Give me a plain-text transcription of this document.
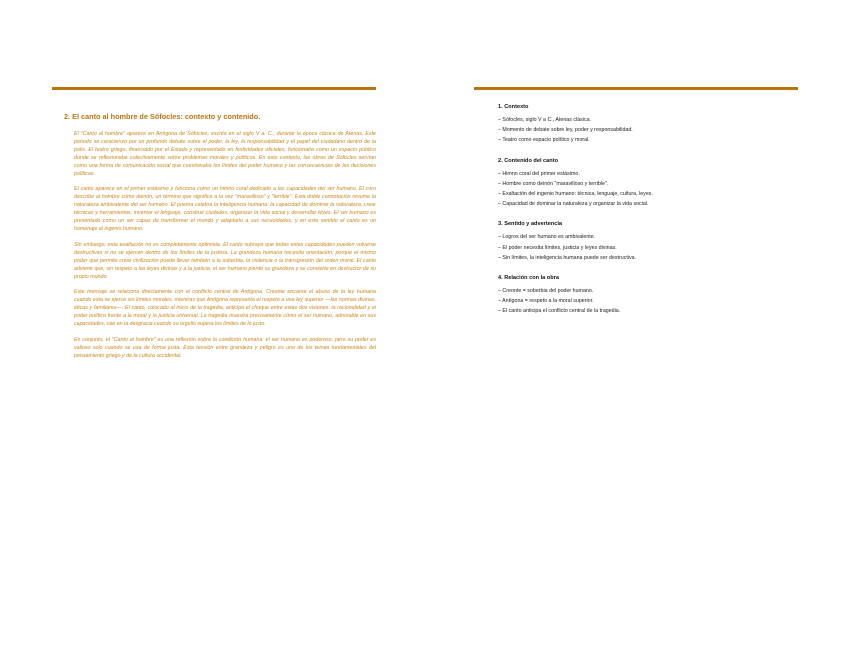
2. El canto al hombre de Sófocles: contexto y contenido.

El "Canto al hombre" aparece en Antígona de Sófocles, escrita en el siglo V a. C., durante la época clásica de Atenas. Este periodo se caracterizó por un profundo debate sobre el poder, la ley, la responsabilidad y el papel del ciudadano dentro de la polis. El teatro griego, financiado por el Estado y representado en festividades oficiales, funcionaba como un espacio público donde se reflexionaba colectivamente sobre problemas morales y políticos. En este contexto, las obras de Sófocles servían como una forma de comunicación social que cuestionaba los límites del poder humano y las consecuencias de las decisiones políticas.

El canto aparece en el primer estásimo y funciona como un himno coral dedicado a las capacidades del ser humano. El coro describe al hombre como deinón, un término que significa a la vez "maravilloso" y "terrible". Esta doble connotación resume la naturaleza ambivalente del ser humano. El poema celebra la inteligencia humana: la capacidad de dominar la naturaleza, crear técnicas y herramientas, inventar el lenguaje, construir ciudades, organizar la vida social y desarrollar leyes. El ser humano es presentado como un ser capaz de transformar el mundo y adaptarlo a sus necesidades, y en este sentido el canto es un homenaje al ingenio humano.

Sin embargo, esta exaltación no es completamente optimista. El canto subraya que todas estas capacidades pueden volverse destructivas si no se ejercen dentro de los límites de la justicia. La grandeza humana necesita orientación, porque el mismo poder que permite crear civilización puede llevar también a la soberbia, la violencia o la transgresión del orden moral. El canto advierte que, sin respeto a las leyes divinas y a la justicia, el ser humano pierde su grandeza y se convierte en destructor de su propio mundo.

Este mensaje se relaciona directamente con el conflicto central de Antígona. Creonte encarna el abuso de la ley humana cuando esta se ejerce sin límites morales, mientras que Antígona representa el respeto a una ley superior —las normas divinas, éticas y familiares—. El canto, colocado al inicio de la tragedia, anticipa el choque entre estas dos visiones: la racionalidad y el poder político frente a la moral y la justicia universal. La tragedia muestra precisamente cómo el ser humano, admirable en sus capacidades, cae en la desgracia cuando su orgullo supera los límites de lo justo.

En conjunto, el "Canto al hombre" es una reflexión sobre la condición humana: el ser humano es poderoso, pero su poder es valioso solo cuando se usa de forma justa. Esta tensión entre grandeza y peligro es uno de los temas fundamentales del pensamiento griego y de la cultura occidental.

1. Contexto

– Sófocles, siglo V a C., Atenas clásica.

– Momento de debate sobre ley, poder y responsabilidad.

– Teatro como espacio político y moral.

2. Contenido del canto

– Himno coral del primer estásimo.

– Hombre como deinón "maravilloso y terrible".

– Exaltación del ingenio humano: técnica, lenguaje, cultura, leyes.

– Capacidad de dominar la naturaleza y organizar la vida social.

3. Sentido y advertencia

– Logros del ser humano es ambivalente.

– El poder necesita límites, justicia y leyes divinas.

– Sin límites, la inteligencia humana puede ser destructiva.

4. Relación con la obra

– Creonte = soberbia del poder humano.

– Antígona = respeto a la moral superior.

– El canto anticipa el conflicto central de la tragedia.
